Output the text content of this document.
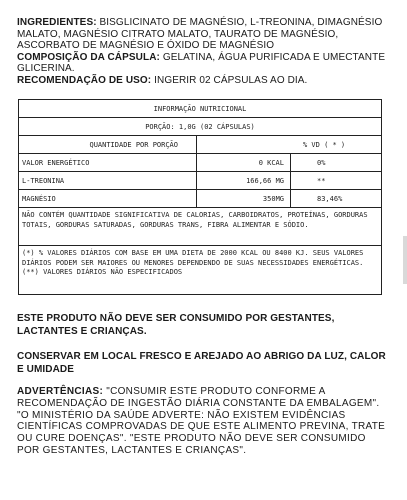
INGREDIENTES: BISGLICINATO DE MAGNÉSIO, L-TREONINA, DIMAGNÉSIO MALATO, MAGNÉSIO CITRATO MALATO, TAURATO DE MAGNÉSIO, ASCORBATO DE MAGNÉSIO E ÓXIDO DE MAGNÉSIO

COMPOSIÇÃO DA CÁPSULA: GELATINA, ÁGUA PURIFICADA E UMECTANTE GLICERINA.

RECOMENDAÇÃO DE USO: INGERIR 02 CÁPSULAS AO DIA.

INFORMAÇÃO NUTRICIONAL
PORÇÃO: 1,0G (02 CÁPSULAS)
QUANTIDADE POR PORÇÃO	% VD ( * )
VALOR ENERGÉTICO	0 KCAL	0%
L-TREONINA	166,66 MG	**
MAGNÉSIO	350MG	83,46%
NÃO CONTÉM QUANTIDADE SIGNIFICATIVA DE CALORIAS, CARBOIDRATOS, PROTEÍNAS, GORDURAS TOTAIS, GORDURAS SATURADAS, GORDURAS TRANS, FIBRA ALIMENTAR E SÓDIO.
(*) % VALORES DIÁRIOS COM BASE EM UMA DIETA DE 2000 KCAL OU 8400 KJ. SEUS VALORES DIÁRIOS PODEM SER MAIORES OU MENORES DEPENDENDO DE SUAS NECESSIDADES ENERGÉTICAS.
(**) VALORES DIÁRIOS NÃO ESPECIFICADOS
ESTE PRODUTO NÃO DEVE SER CONSUMIDO POR GESTANTES, LACTANTES E CRIANÇAS.
CONSERVAR EM LOCAL FRESCO E AREJADO AO ABRIGO DA LUZ, CALOR E UMIDADE
ADVERTÊNCIAS: "CONSUMIR ESTE PRODUTO CONFORME A RECOMENDAÇÃO DE INGESTÃO DIÁRIA CONSTANTE DA EMBALAGEM". "O MINISTÉRIO DA SAÚDE ADVERTE: NÃO EXISTEM EVIDÊNCIAS CIENTÍFICAS COMPROVADAS DE QUE ESTE ALIMENTO PREVINA, TRATE OU CURE DOENÇAS". "ESTE PRODUTO NÃO DEVE SER CONSUMIDO POR GESTANTES, LACTANTES E CRIANÇAS".
